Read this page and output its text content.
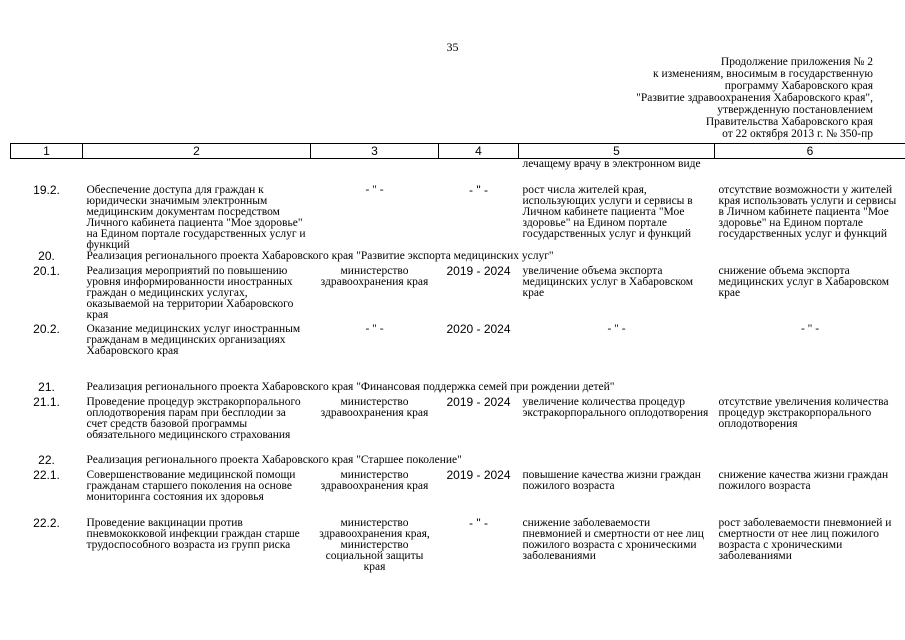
35
Продолжение приложения № 2
к изменениям, вносимым в государственную
программу Хабаровского края
"Развитие здравоохранения Хабаровского края",
утвержденную постановлением
Правительства Хабаровского края
от 22 октября 2013 г. № 350-пр
1	2	3	4	5	6
				лечащему врачу в электронном виде	
19.2.	Обеспечение доступа для граждан к юридически значимым электронным медицинским документам посредством Личного кабинета пациента "Мое здоровье" на Едином портале государственных услуг и функций	- " -	- " -	рост числа жителей края, использующих услуги и сервисы в Личном кабинете пациента "Мое здоровье" на Едином портале государственных услуг и функций	отсутствие возможности у жителей края использовать услуги и сервисы в Личном кабинете пациента "Мое здоровье" на Едином портале государственных услуг и функций
20.	Реализация регионального проекта Хабаровского края "Развитие экспорта медицинских услуг"				
20.1.	Реализация мероприятий по повышению уровня информированности иностранных граждан о медицинских услугах, оказываемой на территории Хабаровского края	министерство здравоохранения края	2019 - 2024	увеличение объема экспорта медицинских услуг в Хабаровском крае	снижение объема экспорта медицинских услуг в Хабаровском крае
20.2.	Оказание медицинских услуг иностранным гражданам в медицинских организациях Хабаровского края	- " -	2020 - 2024	- " -	- " -
21.	Реализация регионального проекта Хабаровского края "Финансовая поддержка семей при рождении детей"				
21.1.	Проведение процедур экстракорпорального оплодотворения парам при бесплодии за счет средств базовой программы обязательного медицинского страхования	министерство здравоохранения края	2019 - 2024	увеличение количества процедур экстракорпорального оплодотворения	отсутствие увеличения количества процедур экстракорпорального оплодотворения
22.	Реализация регионального проекта Хабаровского края "Старшее поколение"				
22.1.	Совершенствование медицинской помощи гражданам старшего поколения на основе мониторинга состояния их здоровья	министерство здравоохранения края	2019 - 2024	повышение качества жизни граждан пожилого возраста	снижение качества жизни граждан пожилого возраста
22.2.	Проведение вакцинации против пневмококковой инфекции граждан старше трудоспособного возраста из групп риска	министерство здравоохранения края, министерство социальной защиты края	- " -	снижение заболеваемости пневмонией и смертности от нее лиц пожилого возраста с хроническими заболеваниями	рост заболеваемости пневмонией и смертности от нее лиц пожилого возраста с хроническими заболеваниями
